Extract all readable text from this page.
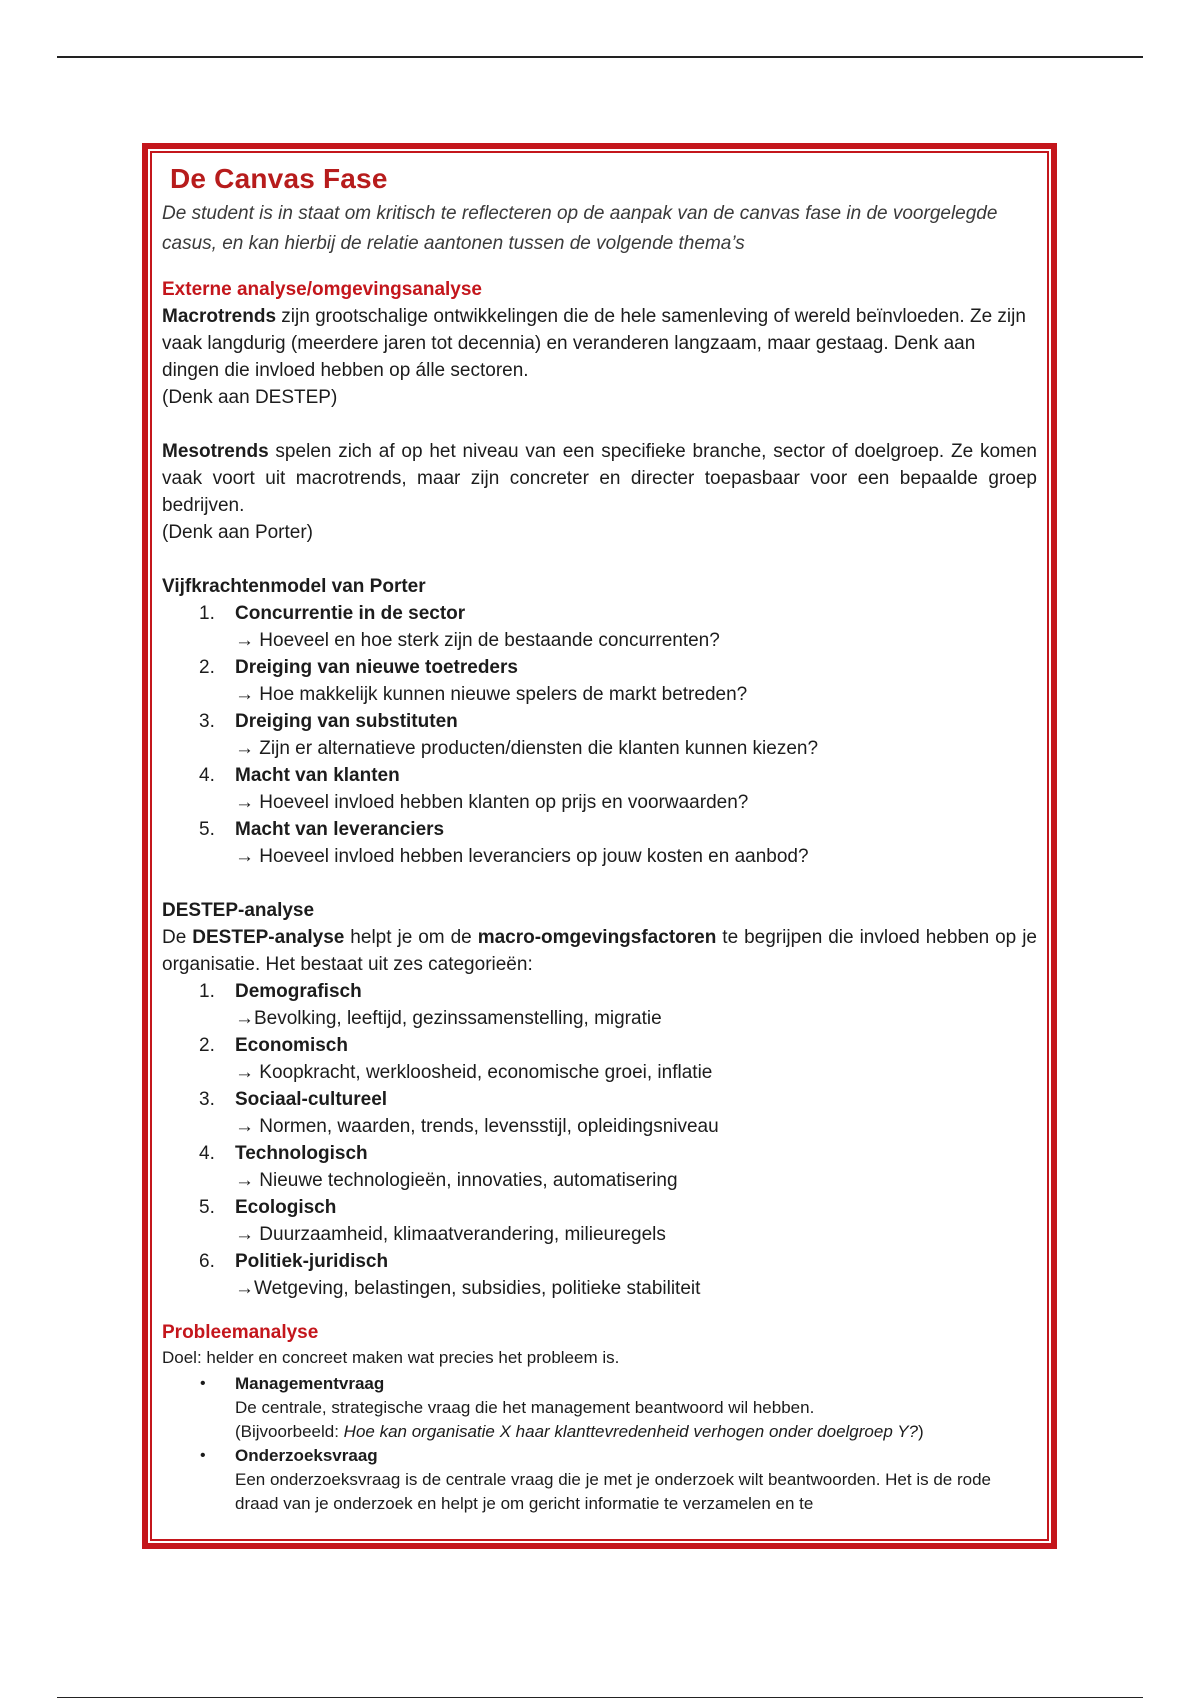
De Canvas Fase

De student is in staat om kritisch te reflecteren op de aanpak van de canvas fase in de voorgelegde casus, en kan hierbij de relatie aantonen tussen de volgende thema’s

Externe analyse/omgevingsanalyse

Macrotrends zijn grootschalige ontwikkelingen die de hele samenleving of wereld beïnvloeden. Ze zijn vaak langdurig (meerdere jaren tot decennia) en veranderen langzaam, maar gestaag. Denk aan dingen die invloed hebben op álle sectoren.

(Denk aan DESTEP)

Mesotrends spelen zich af op het niveau van een specifieke branche, sector of doelgroep. Ze komen vaak voort uit macrotrends, maar zijn concreter en directer toepasbaar voor een bepaalde groep bedrijven.

(Denk aan Porter)

Vijfkrachtenmodel van Porter
1. Concurrentie in de sector
→ Hoeveel en hoe sterk zijn de bestaande concurrenten?
2. Dreiging van nieuwe toetreders
→ Hoe makkelijk kunnen nieuwe spelers de markt betreden?
3. Dreiging van substituten
→ Zijn er alternatieve producten/diensten die klanten kunnen kiezen?
4. Macht van klanten
→ Hoeveel invloed hebben klanten op prijs en voorwaarden?
5. Macht van leveranciers
→ Hoeveel invloed hebben leveranciers op jouw kosten en aanbod?
DESTEP-analyse

De DESTEP-analyse helpt je om de macro-omgevingsfactoren te begrijpen die invloed hebben op je organisatie. Het bestaat uit zes categorieën:

1. Demografisch
→Bevolking, leeftijd, gezinssamenstelling, migratie
2. Economisch
→ Koopkracht, werkloosheid, economische groei, inflatie
3. Sociaal-cultureel
→ Normen, waarden, trends, levensstijl, opleidingsniveau
4. Technologisch
→ Nieuwe technologieën, innovaties, automatisering
5. Ecologisch
→ Duurzaamheid, klimaatverandering, milieuregels
6. Politiek-juridisch
→Wetgeving, belastingen, subsidies, politieke stabiliteit
Probleemanalyse

Doel: helder en concreet maken wat precies het probleem is.

• Managementvraag
De centrale, strategische vraag die het management beantwoord wil hebben.
(Bijvoorbeeld: Hoe kan organisatie X haar klanttevredenheid verhogen onder doelgroep Y?)
• Onderzoeksvraag
Een onderzoeksvraag is de centrale vraag die je met je onderzoek wilt beantwoorden. Het is de rode draad van je onderzoek en helpt je om gericht informatie te verzamelen en te
